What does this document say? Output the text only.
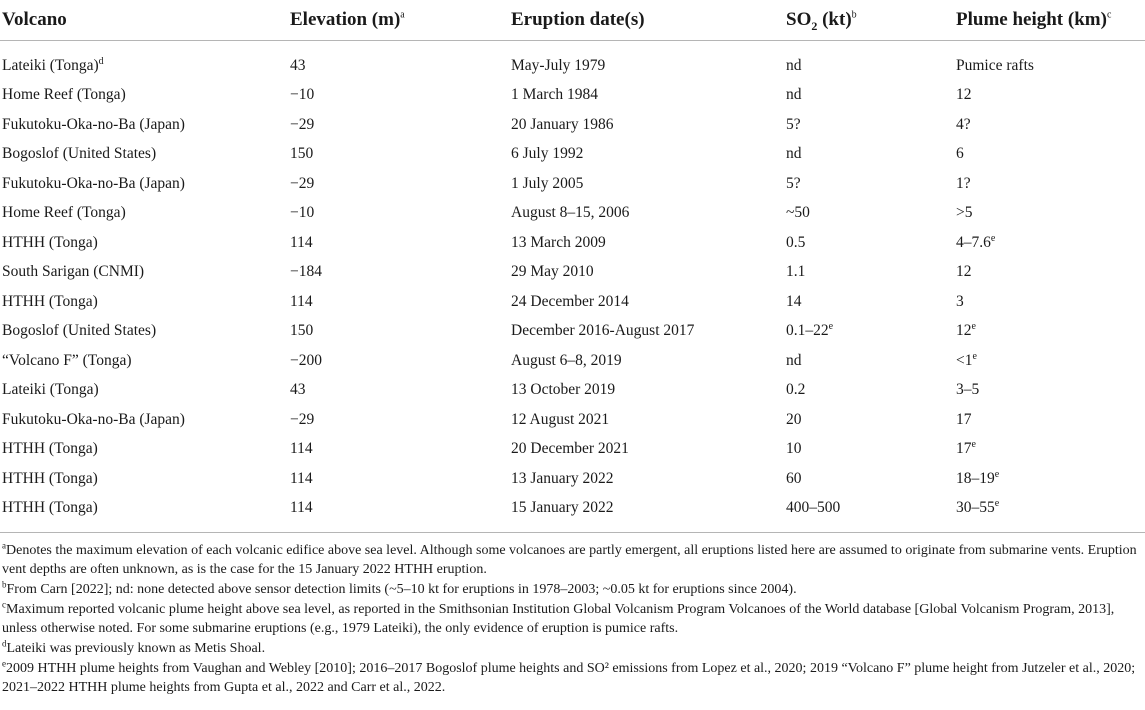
Volcano	Elevation $(m)^a$	Eruption date(s)	$SO_2$ (kt)$^b$	Plume height (km)$^c$
Lateiki (Tonga)$^d$	43	May-July 1979	nd	Pumice rafts
Home Reef (Tonga)	−10	1 March 1984	nd	12
Fukutoku-Oka-no-Ba (Japan)	−29	20 January 1986	5?	4?
Bogoslof (United States)	150	6 July 1992	nd	6
Fukutoku-Oka-no-Ba (Japan)	−29	1 July 2005	5?	1?
Home Reef (Tonga)	−10	August 8–15, 2006	~50	>5
HTHH (Tonga)	114	13 March 2009	0.5	4–7.6e
South Sarigan (CNMI)	−184	29 May 2010	1.1	12
HTHH (Tonga)	114	24 December 2014	14	3
Bogoslof (United States)	150	December 2016-August 2017	0.1–22e	12e
“Volcano F” (Tonga)	−200	August 6–8, 2019	nd	$<1^e$
Lateiki (Tonga)	43	13 October 2019	0.2	3–5
Fukutoku-Oka-no-Ba (Japan)	−29	12 August 2021	20	17
HTHH (Tonga)	114	20 December 2021	10	17e
HTHH (Tonga)	114	13 January 2022	60	18–19e
HTHH (Tonga)	114	15 January 2022	400–500	30–55e
$^a$Denotes the maximum elevation of each volcanic edifice above sea level. Although some volcanoes are partly emergent, all eruptions listed here are assumed to originate from submarine vents. Eruption vent depths are often unknown, as is the case for the 15 January 2022 HTHH eruption.
$^b$From Carn [2022]; nd: none detected above sensor detection limits (~5–10 kt for eruptions in 1978–2003; ~0.05 kt for eruptions since 2004).
$^c$Maximum reported volcanic plume height above sea level, as reported in the Smithsonian Institution Global Volcanism Program Volcanoes of the World database [Global Volcanism Program, 2013], unless otherwise noted. For some submarine eruptions (e.g., 1979 Lateiki), the only evidence of eruption is pumice rafts.
$^d$Lateiki was previously known as Metis Shoal.
$^e$2009 HTHH plume heights from Vaughan and Webley [2010]; 2016–2017 Bogoslof plume heights and SO² emissions from Lopez et al., 2020; 2019 “Volcano F” plume height from Jutzeler et al., 2020; 2021–2022 HTHH plume heights from Gupta et al., 2022 and Carr et al., 2022.
